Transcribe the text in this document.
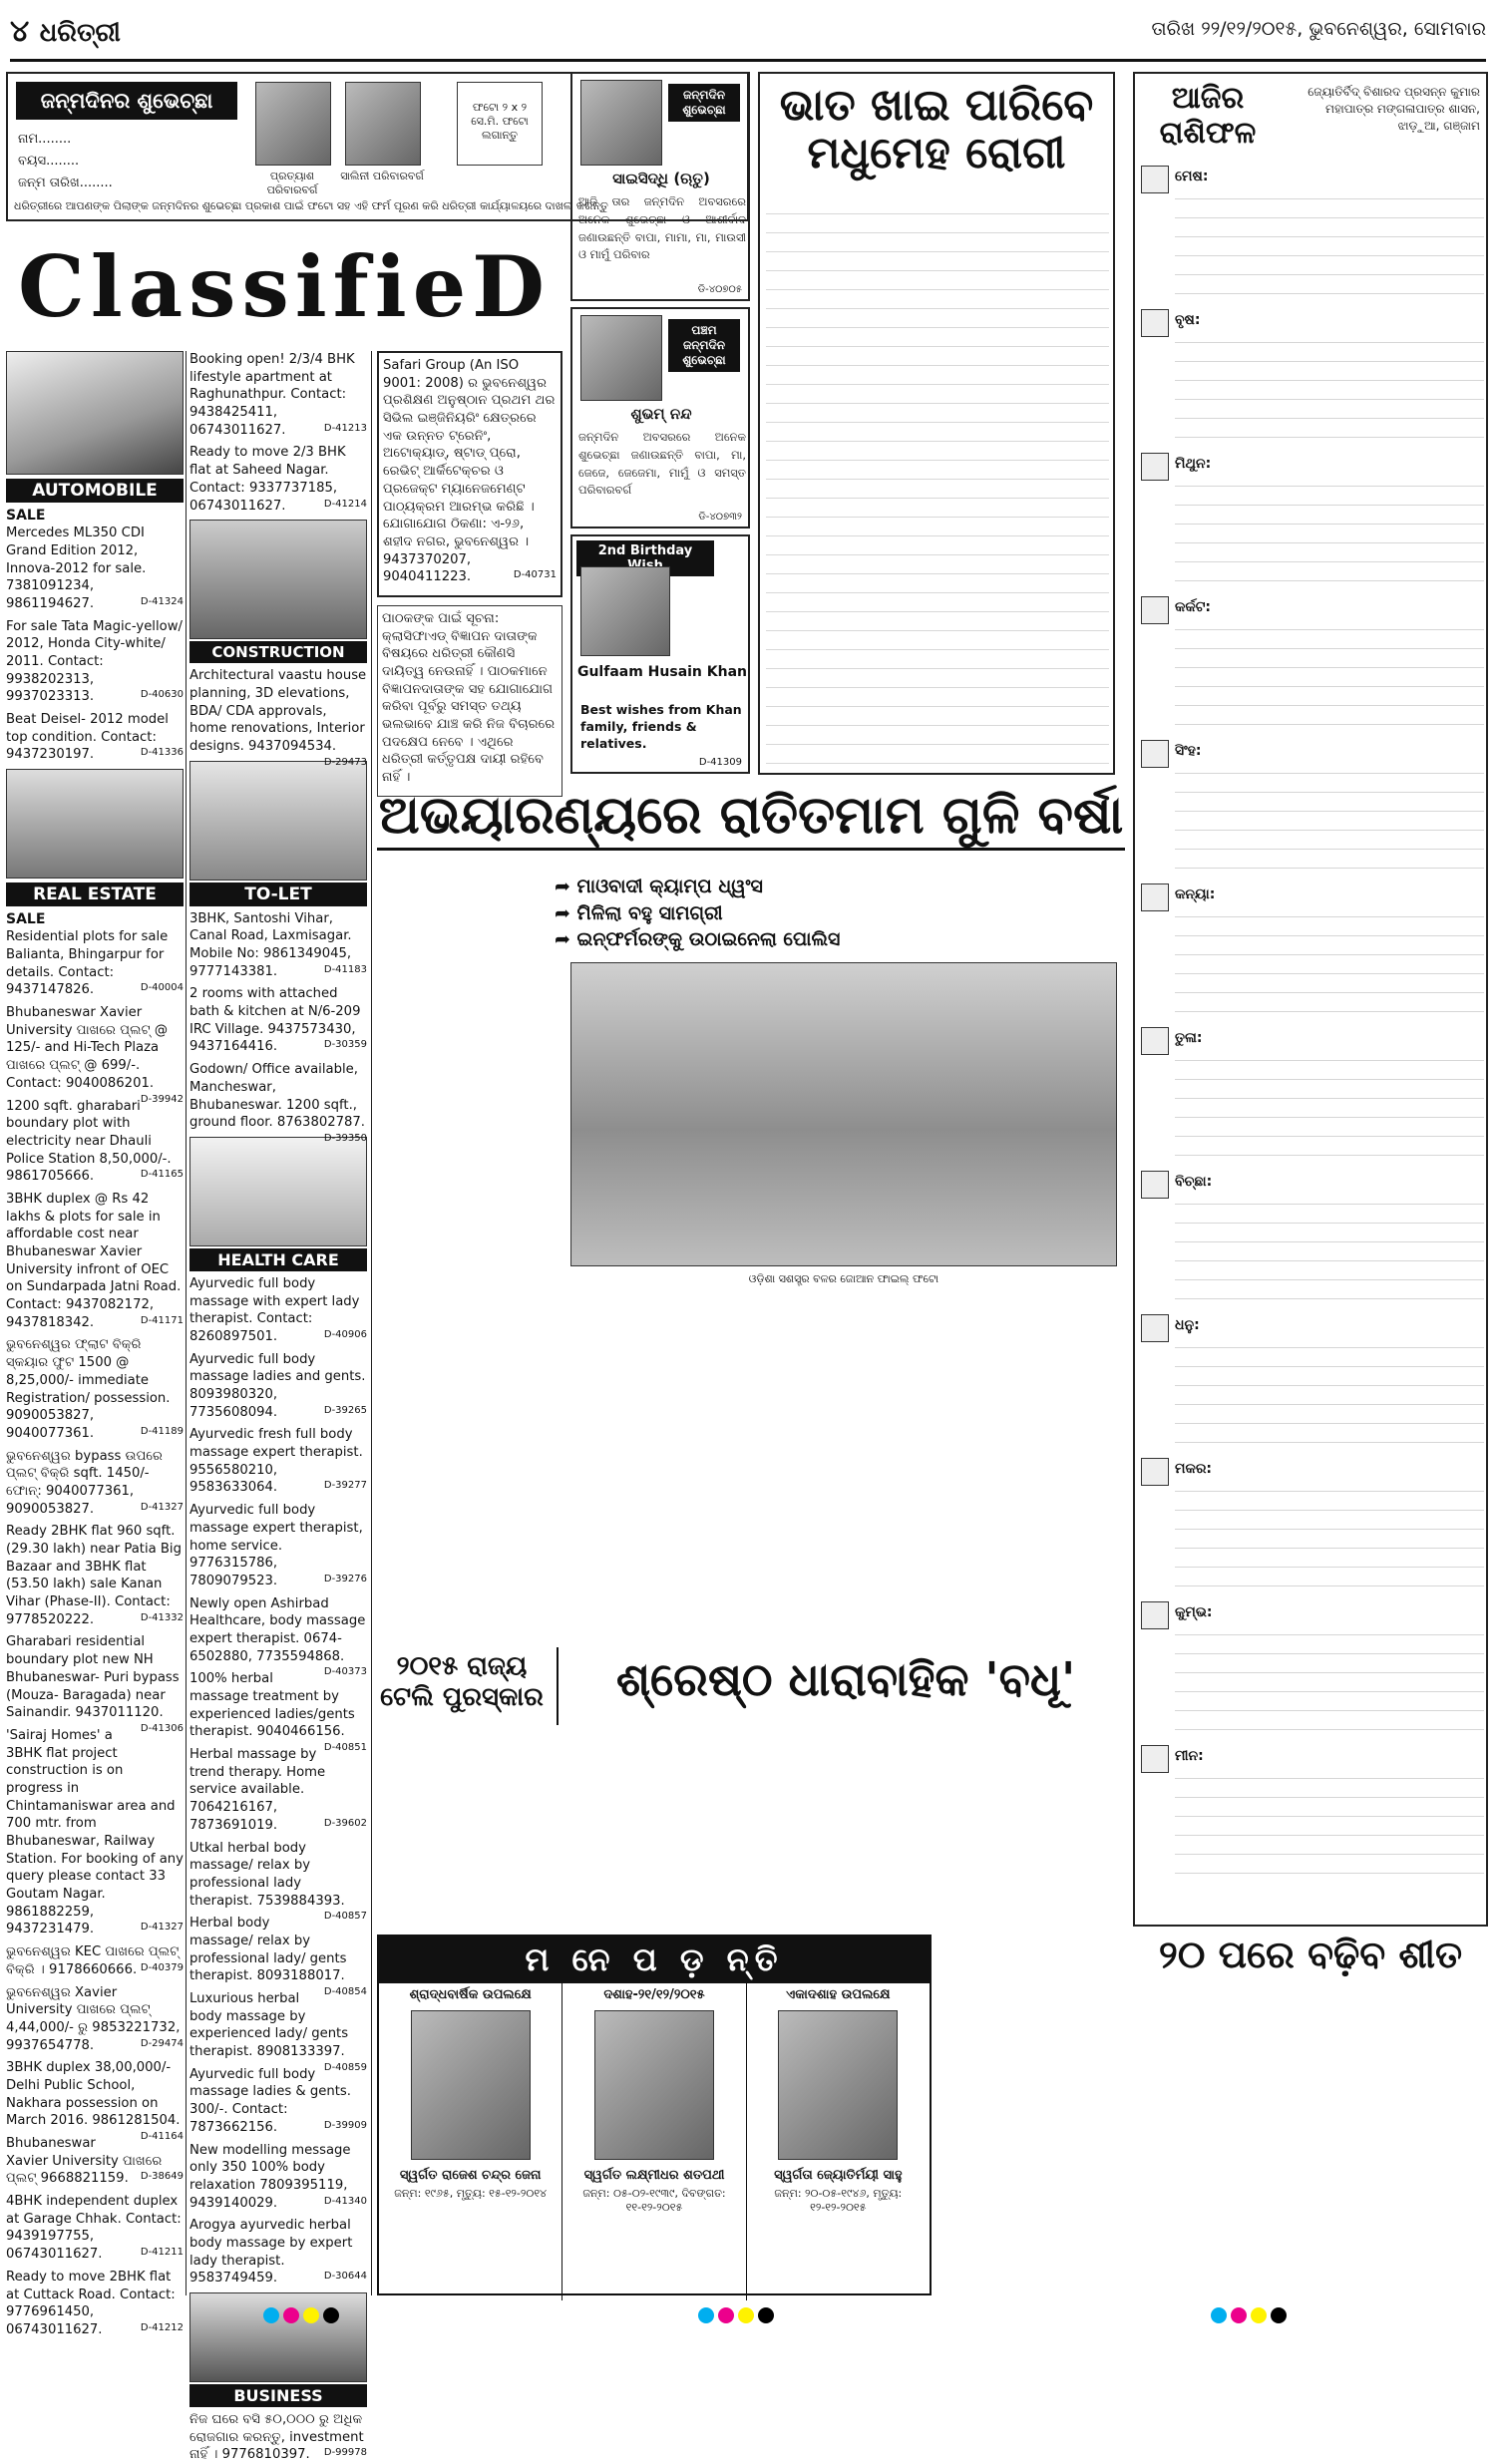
୪ ଧରିତ୍ରୀ	ତାରିଖ ୨୨/୧୨/୨୦୧୫, ଭୁବନେଶ୍ୱର, ସୋମବାର
ଜନ୍ମଦିନର ଶୁଭେଚ୍ଛା
ନାମ........
ବୟସ........
ଜନ୍ମ ତାରିଖ........	ପ୍ରତ୍ୟାଶ ପରିବାରବର୍ଗ
ସାଲିନୀ ପରିବାରବର୍ଗ
ଫଟୋ ୨ x ୨ ସେ.ମି. ଫଟୋ ଲଗାନ୍ତୁ
ଧରିତ୍ରୀରେ ଆପଣଙ୍କ ପିଲାଙ୍କ ଜନ୍ମଦିନର ଶୁଭେଚ୍ଛା ପ୍ରକାଶ ପାଇଁ ଫଟୋ ସହ ଏହି ଫର୍ମ ପୂରଣ କରି ଧରିତ୍ରୀ କାର୍ଯ୍ୟାଳୟରେ ଦାଖଲ କରନ୍ତୁ
ଜନ୍ମଦିନ ଶୁଭେଚ୍ଛା
ସାଇସିଦ୍ଧି (ଋତୁ)
ଆଜି ତାର ଜନ୍ମଦିନ ଅବସରରେ ଅନେକ ଶୁଭେଚ୍ଛା ଓ ଆଶୀର୍ବାଦ ଜଣାଉଛନ୍ତି ବାପା, ମାମା, ମା, ମାଉସୀ ଓ ମାମୁଁ ପରିବାର
ଡି-୪୦୭୦୫
ପଞ୍ଚମ ଜନ୍ମଦିନ ଶୁଭେଚ୍ଛା
ଶୁଭମ୍ ନନ୍ଦ
ଜନ୍ମଦିନ ଅବସରରେ ଅନେକ ଶୁଭେଚ୍ଛା ଜଣାଉଛନ୍ତି ବାପା, ମା, ଜେଜେ, ଜେଜେମା, ମାମୁଁ ଓ ସମସ୍ତ ପରିବାରବର୍ଗ
ଡି-୪୦୭୩୨
2nd Birthday
Gulfaam Husain Khan
Best wishes from Khan family, friends & relatives.
D-41309
ClassifieD
AUTOMOBILE
SALE

Mercedes ML350 CDI Grand Edition 2012, Innova-2012 for sale. 7381091234, 9861194627.	D-41324

For sale Tata Magic-yellow/ 2012, Honda City-white/ 2011. Contact: 9938202313, 9937023313.	D-40630

Beat Deisel- 2012 model top condition. Contact: 9437230197.	D-41336

REAL ESTATE
SALE

Residential plots for sale Balianta, Bhingarpur for details. Contact: 9437147826.	D-40004

Bhubaneswar Xavier University ପାଖରେ ପ୍ଲଟ୍ @ 125/- and Hi-Tech Plaza ପାଖରେ ପ୍ଲଟ୍ @ 699/-. Contact: 9040086201.
D-39942

1200 sqft. gharabari boundary plot with electricity near Dhauli Police Station 8,50,000/-. 9861705666.	D-41165

3BHK duplex @ Rs 42 lakhs & plots for sale in affordable cost near Bhubaneswar Xavier University infront of OEC on Sundarpada Jatni Road. Contact: 9437082172, 9437818342.	D-41171

ଭୁବନେଶ୍ୱର ଫ୍ଲାଟ ବିକ୍ରି ସ୍କୟାର ଫୁଟ 1500 @ 8,25,000/- immediate Registration/ possession. 9090053827, 9040077361.	D-41189

ଭୁବନେଶ୍ୱର bypass ଉପରେ ପ୍ଲଟ୍ ବିକ୍ରି sqft. 1450/- ଫୋନ୍: 9040077361, 9090053827.	D-41327

Ready 2BHK flat 960 sqft. (29.30 lakh) near Patia Big Bazaar and 3BHK flat (53.50 lakh) sale Kanan Vihar (Phase-II). Contact: 9778520222.	D-41332

Gharabari residential boundary plot new NH Bhubaneswar- Puri bypass (Mouza- Baragada) near Sainandir. 9437011120.
D-41306

'Sairaj Homes' a 3BHK flat project construction is on progress in Chintamaniswar area and 700 mtr. from Bhubaneswar, Railway Station. For booking of any query please contact 33 Goutam Nagar. 9861882259, 9437231479.	D-41327

ଭୁବନେଶ୍ୱର KEC ପାଖରେ ପ୍ଲଟ୍ ବିକ୍ରି । 9178660666. D-40379

ଭୁବନେଶ୍ୱର Xavier University ପାଖରେ ପ୍ଲଟ୍ 4,44,000/- ରୁ 9853221732, 9937654778.	D-29474

3BHK duplex 38,00,000/- Delhi Public School, Nakhara possession on March 2016. 9861281504.
D-41164

Bhubaneswar Xavier University ପାଖରେ ପ୍ଲଟ୍ 9668821159. D-38649

4BHK independent duplex at Garage Chhak. Contact: 9439197755, 06743011627.	D-41211

Ready to move 2BHK flat at Cuttack Road. Contact: 9776961450, 06743011627.	D-41212

Booking open! 2/3/4 BHK lifestyle apartment at Raghunathpur. Contact: 9438425411, 06743011627.	D-41213

Ready to move 2/3 BHK flat at Saheed Nagar. Contact: 9337737185, 06743011627.	D-41214

CONSTRUCTION

Architectural vaastu house planning, 3D elevations, BDA/ CDA approvals, home renovations, Interior designs. 9437094534.
D-29473

TO-LET

3BHK, Santoshi Vihar, Canal Road, Laxmisagar. Mobile No: 9861349045, 9777143381.	D-41183

2 rooms with attached bath & kitchen at N/6-209 IRC Village. 9437573430, 9437164416.	D-30359

Godown/ Office available, Mancheswar, Bhubaneswar. 1200 sqft., ground floor. 8763802787.
D-39350

HEALTH CARE

Ayurvedic full body massage with expert lady therapist. Contact: 8260897501.	D-40906

Ayurvedic full body massage ladies and gents. 8093980320, 7735608094.	D-39265

Ayurvedic fresh full body massage expert therapist. 9556580210, 9583633064.	D-39277

Ayurvedic full body massage expert therapist, home service. 9776315786, 7809079523.	D-39276

Newly open Ashirbad Healthcare, body massage expert therapist. 0674-6502880, 7735594868.
D-40373

100% herbal massage treatment by experienced ladies/gents therapist. 9040466156.
D-40851

Herbal massage by trend therapy. Home service available. 7064216167, 7873691019.	D-39602

Utkal herbal body massage/ relax by professional lady therapist. 7539884393.
D-40857

Herbal body massage/ relax by professional lady/ gents therapist. 8093188017.
D-40854

Luxurious herbal body massage by experienced lady/ gents therapist. 8908133397.
D-40859

Ayurvedic full body massage ladies & gents. 300/-. Contact: 7873662156.	D-39909

New modelling message only 350 100% body relaxation 7809395119, 9439140029.	D-41340

Arogya ayurvedic herbal body massage by expert lady therapist. 9583749459.	D-30644

BUSINESS

ନିଜ ଘରେ ବସି ୫୦,୦୦୦ ରୁ ଅଧିକ ରୋଜଗାର କରନ୍ତୁ, investment ନାହିଁ । 9776810397. D-99978

Safari Group (An ISO 9001: 2008) ର ଭୁବନେଶ୍ୱର ପ୍ରଶିକ୍ଷଣ ଅନୁଷ୍ଠାନ ପ୍ରଥମ ଥର ସିଭିଲ ଇଞ୍ଜିନିୟରିଂ କ୍ଷେତ୍ରରେ ଏକ ଉନ୍ନତ ଟ୍ରେନିଂ, ଅଟୋକ୍ୟାଡ୍, ଷ୍ଟାଡ୍ ପ୍ରୋ, ରେଭିଟ୍ ଆର୍କିଟେକ୍ଚର ଓ ପ୍ରଜେକ୍ଟ ମ୍ୟାନେଜମେଣ୍ଟ ପାଠ୍ୟକ୍ରମ ଆରମ୍ଭ କରିଛି । ଯୋଗାଯୋଗ ଠିକଣା: ଏ-୨୬, ଶହୀଦ ନଗର, ଭୁବନେଶ୍ୱର । 9437370207, 9040411223.	D-40731

ପାଠକଙ୍କ ପାଇଁ ସୂଚନା: କ୍ଲାସିଫାଏଡ୍ ବିଜ୍ଞାପନ ଦାତାଙ୍କ ବିଷୟରେ ଧରିତ୍ରୀ କୌଣସି ଦାୟିତ୍ୱ ନେଉନାହିଁ । ପାଠକମାନେ ବିଜ୍ଞାପନଦାତାଙ୍କ ସହ ଯୋଗାଯୋଗ କରିବା ପୂର୍ବରୁ ସମସ୍ତ ତଥ୍ୟ ଭଲଭାବେ ଯାଞ୍ଚ କରି ନିଜ ବିଚାରରେ ପଦକ୍ଷେପ ନେବେ । ଏଥିରେ ଧରିତ୍ରୀ କର୍ତ୍ତୃପକ୍ଷ ଦାୟୀ ରହିବେ ନାହିଁ ।

ଭାତ ଖାଇ ପାରିବେ ମଧୁମେହ ରୋଗୀ
ଆଜିର ରାଶିଫଳ
ଜ୍ୟୋତିର୍ବିଦ୍ ବିଶାରଦ ପ୍ରସନ୍ନ କୁମାର ମହାପାତ୍ର ମଙ୍ଗଳାପାତ୍ର ଶାସନ, ଝାଡ଼ୁଆ, ଗଞ୍ଜାମ
ମେଷ:
ବୃଷ:
ମିଥୁନ:
କର୍କଟ:
ସିଂହ:
କନ୍ୟା:
ତୁଳା:
ବିଚ୍ଛା:
ଧନୁ:
ମକର:
କୁମ୍ଭ:
ମୀନ:
ଅଭୟାରଣ୍ୟରେ ରାତିତମାମ ଗୁଳି ବର୍ଷା
➦ ମାଓବାଦୀ କ୍ୟାମ୍ପ ଧ୍ୱଂସ
➦ ମିଳିଲା ବହୁ ସାମଗ୍ରୀ
➦ ଇନ୍ଫର୍ମରଙ୍କୁ ଉଠାଇନେଲା ପୋଲିସ
ଓଡ଼ିଶା ସଶସ୍ତ୍ର ବଳର ଜୋଆନ ଫାଇଲ୍ ଫଟୋ
୨୦୧୫ ରାଜ୍ୟ ଟେଲି ପୁରସ୍କାର	ଶ୍ରେଷ୍ଠ ଧାରାବାହିକ 'ବଧୂ'
ମ ନେ ପ ଡ଼ ନ୍ତି
ଶ୍ରାଦ୍ଧବାର୍ଷିକ ଉପଲକ୍ଷେ
ସ୍ୱର୍ଗତ ରାଜେଶ ଚନ୍ଦ୍ର ଜେନା
ଜନ୍ମ: ୧୯୬୫, ମୃତ୍ୟୁ: ୧୫-୧୨-୨୦୧୪
ଦଶାହ-୨୧/୧୨/୨୦୧୫
ସ୍ୱର୍ଗତ ଲକ୍ଷ୍ମୀଧର ଶତପଥୀ
ଜନ୍ମ: ୦୫-୦୨-୧୯୩୯, ଦିବଙ୍ଗତ: ୧୧-୧୨-୨୦୧୫
ଏକାଦଶାହ ଉପଲକ୍ଷେ
ସ୍ୱର୍ଗତା ଜ୍ୟୋତିର୍ମୟୀ ସାହୁ
ଜନ୍ମ: ୨୦-୦୫-୧୯୪୬, ମୃତ୍ୟୁ: ୧୨-୧୨-୨୦୧୫
୨୦ ପରେ ବଢ଼ିବ ଶୀତ
